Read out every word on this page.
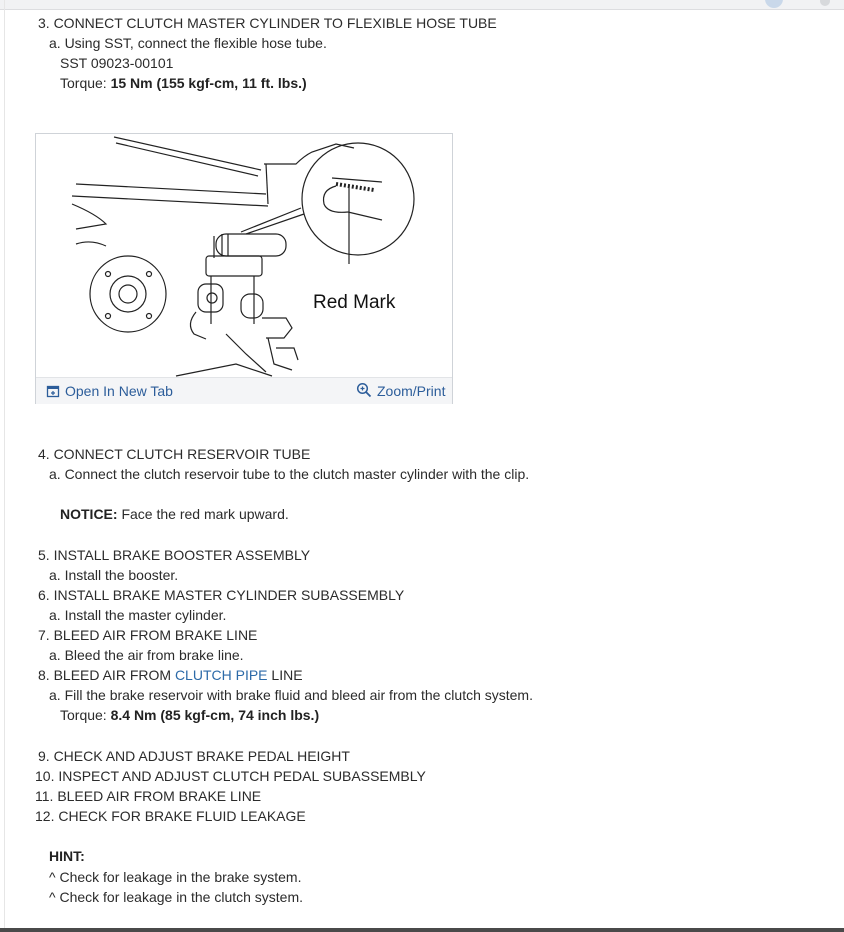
3. CONNECT CLUTCH MASTER CYLINDER TO FLEXIBLE HOSE TUBE
a. Using SST, connect the flexible hose tube.
SST 09023-00101
Torque: 15 Nm (155 kgf-cm, 11 ft. lbs.)
Red Mark
Open In New Tab	Zoom/Print
4. CONNECT CLUTCH RESERVOIR TUBE
a. Connect the clutch reservoir tube to the clutch master cylinder with the clip.
NOTICE: Face the red mark upward.
5. INSTALL BRAKE BOOSTER ASSEMBLY
a. Install the booster.
6. INSTALL BRAKE MASTER CYLINDER SUBASSEMBLY
a. Install the master cylinder.
7. BLEED AIR FROM BRAKE LINE
a. Bleed the air from brake line.
8. BLEED AIR FROM CLUTCH PIPE LINE
a. Fill the brake reservoir with brake fluid and bleed air from the clutch system.
Torque: 8.4 Nm (85 kgf-cm, 74 inch lbs.)
9. CHECK AND ADJUST BRAKE PEDAL HEIGHT
10. INSPECT AND ADJUST CLUTCH PEDAL SUBASSEMBLY
11. BLEED AIR FROM BRAKE LINE
12. CHECK FOR BRAKE FLUID LEAKAGE
HINT:
^ Check for leakage in the brake system.
^ Check for leakage in the clutch system.
